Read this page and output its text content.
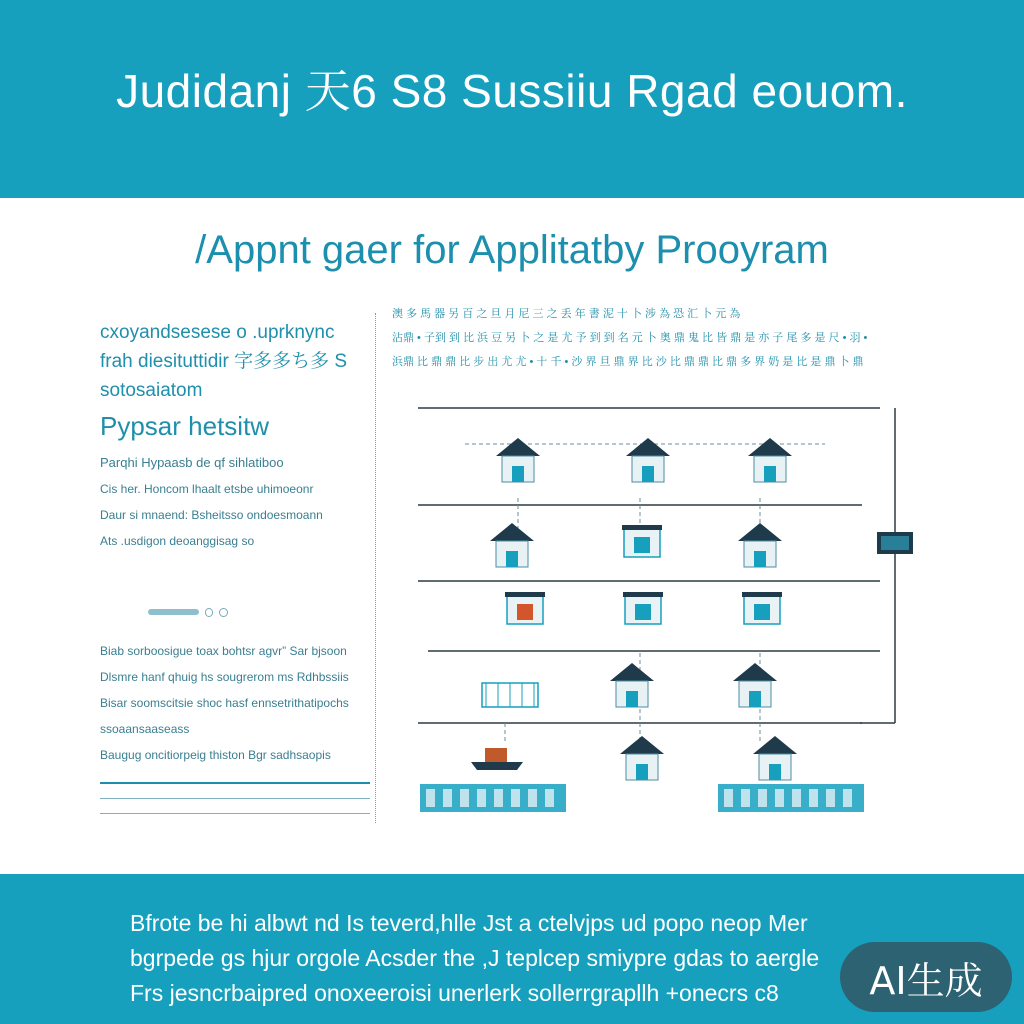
Judidanj 天6 S8 Sussiiu Rgad eouom.
/Appnt gaer for Applitatby Prooyram
cxoyandsesese o .uprknync
frah diesituttidir 字多多ち多 S
sotosaiatom
Pypsar hetsitw
Parqhi Hypaasb de qf sihlatiboo
Cis her. Honcom lhaalt etsbe uhimoeonr
Daur si mnaend: Bsheitsso ondoesmoann
Ats .usdigon deoanggisag so
Biab sorboosigue toax bohtsr agvr” Sar bjsoon
Dlsmre hanf qhuig hs sougrerom ms Rdhbssiis
Bisar soomscitsie shoc hasf ennsetrithatipochs
ssoaansaaseass
Baugug oncitiorpeig thiston Bgr sadhsaopis
澳 多 馬 器 另 百 之 旦 月 尼 三 之 丢 年 書 泥 十 卜 涉 為 恐 汇 卜 元 為
沾鼎 • 子到 到 比 浜 豆 另 卜 之 是 尤 予 到 到 名 元 卜 奥 鼎 鬼 比 皆 鼎 是 亦 子 尾 多 是 尺 • 羽 •
浜鼎 比 鼎 鼎 比 步 出 尤 尤 • 十 千 • 沙 界 旦 鼎 界 比 沙 比 鼎 鼎 比 鼎 多 界 奶 是 比 是 鼎 卜 鼎
Bfrote be hi albwt nd Is teverd,hlle Jst a ctelvjps ud popo neop Mer
bgrpede gs hjur orgole Acsder the ,J teplcep smiypre gdas to aergle
Frs jesncrbaipred onoxeeroisi unerlerk sollerrgrapllh +onecrs c8	AI生成
